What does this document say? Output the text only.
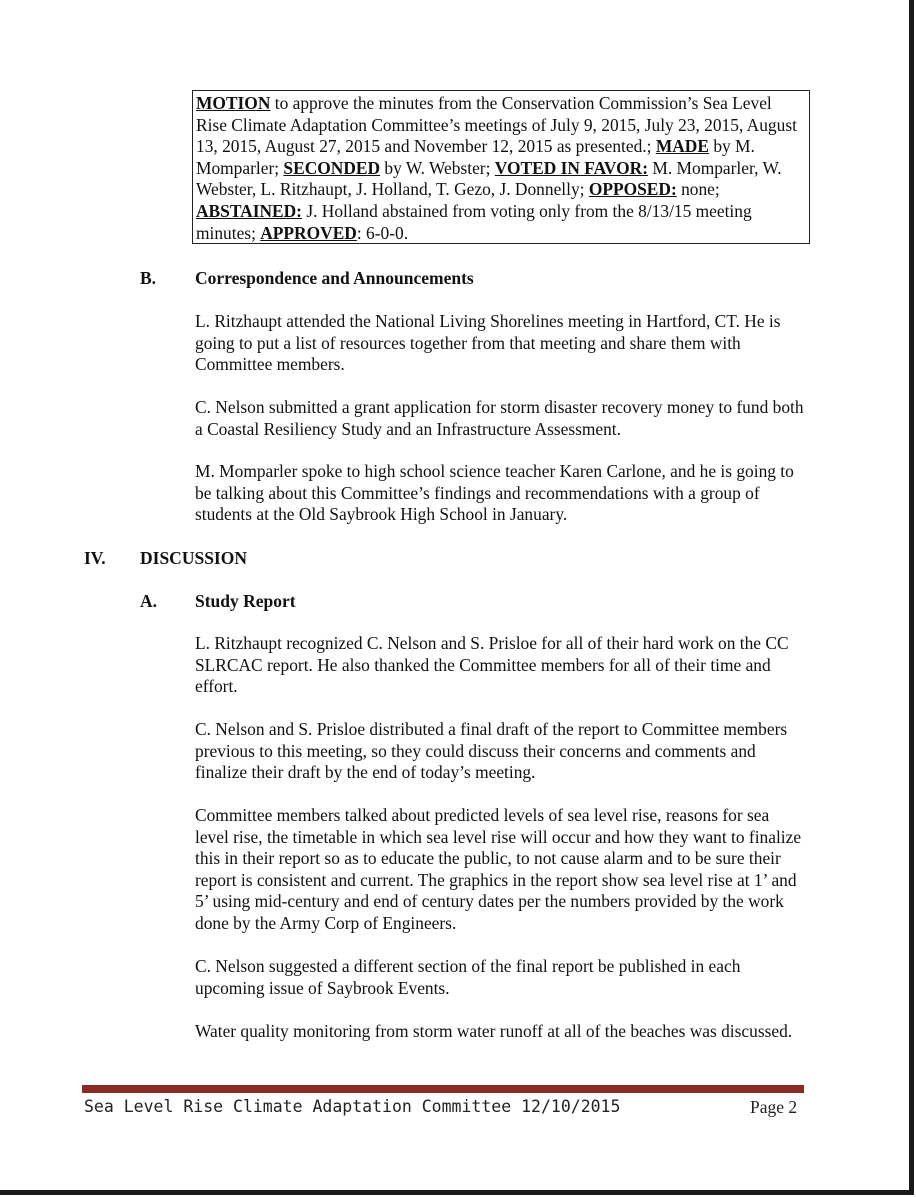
MOTION to approve the minutes from the Conservation Commission’s Sea Level Rise Climate Adaptation Committee’s meetings of July 9, 2015, July 23, 2015, August 13, 2015, August 27, 2015 and November 12, 2015 as presented.; MADE by M. Momparler; SECONDED by W. Webster; VOTED IN FAVOR: M. Momparler, W. Webster, L. Ritzhaupt, J. Holland, T. Gezo, J. Donnelly; OPPOSED: none; ABSTAINED: J. Holland abstained from voting only from the 8/13/15 meeting minutes; APPROVED: 6-0-0.
B. Correspondence and Announcements
L. Ritzhaupt attended the National Living Shorelines meeting in Hartford, CT. He is going to put a list of resources together from that meeting and share them with Committee members.
C. Nelson submitted a grant application for storm disaster recovery money to fund both a Coastal Resiliency Study and an Infrastructure Assessment.
M. Momparler spoke to high school science teacher Karen Carlone, and he is going to be talking about this Committee’s findings and recommendations with a group of students at the Old Saybrook High School in January.
IV. DISCUSSION
A. Study Report
L. Ritzhaupt recognized C. Nelson and S. Prisloe for all of their hard work on the CC SLRCAC report. He also thanked the Committee members for all of their time and effort.
C. Nelson and S. Prisloe distributed a final draft of the report to Committee members previous to this meeting, so they could discuss their concerns and comments and finalize their draft by the end of today’s meeting.
Committee members talked about predicted levels of sea level rise, reasons for sea level rise, the timetable in which sea level rise will occur and how they want to finalize this in their report so as to educate the public, to not cause alarm and to be sure their report is consistent and current. The graphics in the report show sea level rise at 1’ and 5’ using mid-century and end of century dates per the numbers provided by the work done by the Army Corp of Engineers.
C. Nelson suggested a different section of the final report be published in each upcoming issue of Saybrook Events.
Water quality monitoring from storm water runoff at all of the beaches was discussed.
Sea Level Rise Climate Adaptation Committee 12/10/2015	Page 2
